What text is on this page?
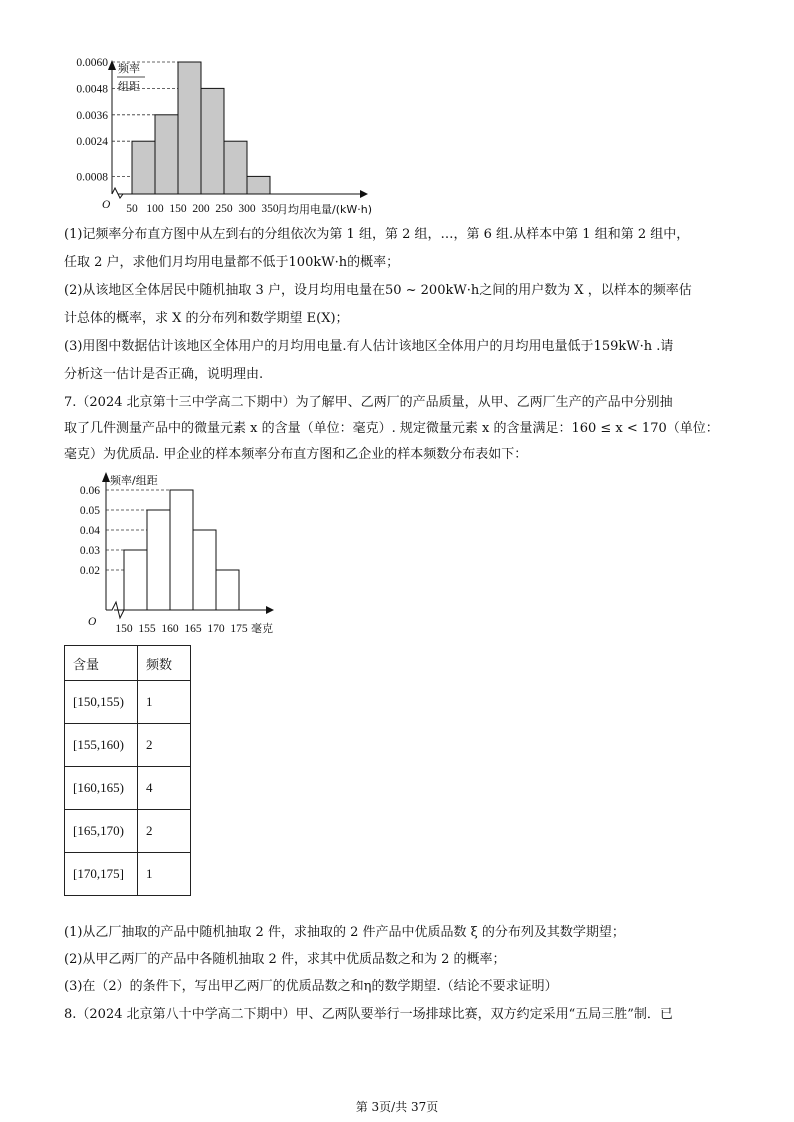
频率
组距
O
0.0060
0.0048
0.0036
0.0024
0.0008
50 100 150 200 250 300 350
月均用电量/(kW·h)
(1)记频率分布直方图中从左到右的分组依次为第 1 组，第 2 组，…，第 6 组.从样本中第 1 组和第 2 组中，
任取 2 户，求他们月均用电量都不低于100kW·h的概率；
(2)从该地区全体居民中随机抽取 3 户，设月均用电量在50 ~ 200kW·h之间的用户数为 X ，以样本的频率估
计总体的概率，求 X 的分布列和数学期望 E(X)；
(3)用图中数据估计该地区全体用户的月均用电量.有人估计该地区全体用户的月均用电量低于159kW·h .请
分析这一估计是否正确，说明理由.
7.（2024 北京第十三中学高二下期中）为了解甲、乙两厂的产品质量，从甲、乙两厂生产的产品中分别抽
取了几件测量产品中的微量元素 x 的含量（单位：毫克）. 规定微量元素 x 的含量满足：160 ≤ x < 170（单位：
毫克）为优质品. 甲企业的样本频率分布直方图和乙企业的样本频数分布表如下：
频率/组距
O
0.06
0.05
0.04
0.03
0.02
150 155 160 165 170 175 毫克
含量	频数
[150,155)	1
[155,160)	2
[160,165)	4
[165,170)	2
[170,175]	1
(1)从乙厂抽取的产品中随机抽取 2 件，求抽取的 2 件产品中优质品数 ξ 的分布列及其数学期望；
(2)从甲乙两厂的产品中各随机抽取 2 件，求其中优质品数之和为 2 的概率；
(3)在（2）的条件下，写出甲乙两厂的优质品数之和η的数学期望.（结论不要求证明）
8.（2024 北京第八十中学高二下期中）甲、乙两队要举行一场排球比赛，双方约定采用“五局三胜”制．已
第 3页/共 37页
